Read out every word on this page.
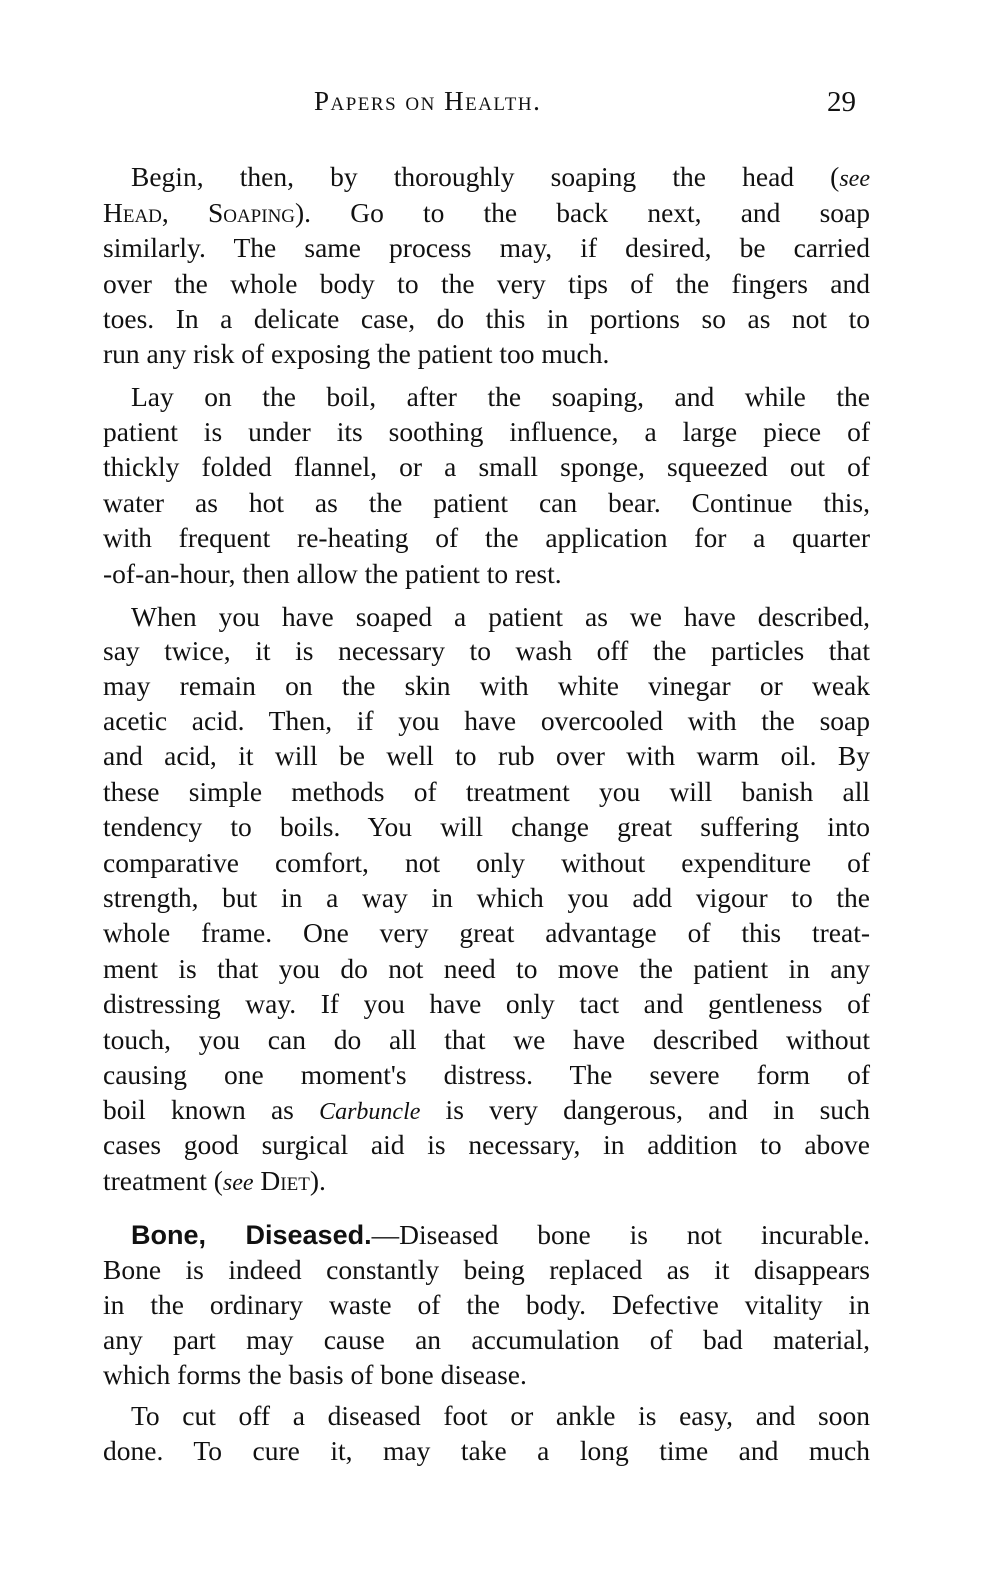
Papers on Health.	29
Begin, then, by thoroughly soaping the head (see
Head, Soaping). Go to the back next, and soap
similarly. The same process may, if desired, be carried
over the whole body to the very tips of the fingers and
toes. In a delicate case, do this in portions so as not to
run any risk of exposing the patient too much.
Lay on the boil, after the soaping, and while the
patient is under its soothing influence, a large piece of
thickly folded flannel, or a small sponge, squeezed out of
water as hot as the patient can bear. Continue this,
with frequent re-heating of the application for a quarter
-of-an-hour, then allow the patient to rest.
When you have soaped a patient as we have described,
say twice, it is necessary to wash off the particles that
may remain on the skin with white vinegar or weak
acetic acid. Then, if you have overcooled with the soap
and acid, it will be well to rub over with warm oil. By
these simple methods of treatment you will banish all
tendency to boils. You will change great suffering into
comparative comfort, not only without expenditure of
strength, but in a way in which you add vigour to the
whole frame. One very great advantage of this treat-
ment is that you do not need to move the patient in any
distressing way. If you have only tact and gentleness of
touch, you can do all that we have described without
causing one moment's distress. The severe form of
boil known as Carbuncle is very dangerous, and in such
cases good surgical aid is necessary, in addition to above
treatment (see Diet).
Bone, Diseased.—Diseased bone is not incurable.
Bone is indeed constantly being replaced as it disappears
in the ordinary waste of the body. Defective vitality in
any part may cause an accumulation of bad material,
which forms the basis of bone disease.
To cut off a diseased foot or ankle is easy, and soon
done. To cure it, may take a long time and much
